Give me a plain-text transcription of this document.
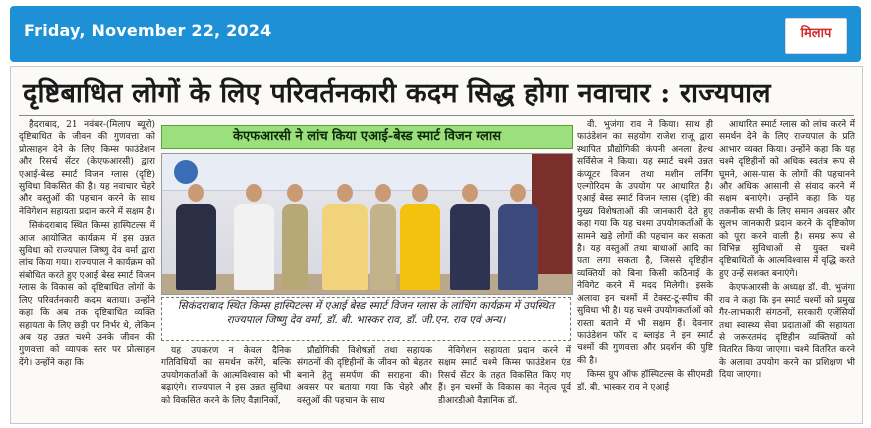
Friday, November 22, 2024	मिलाप
दृष्टिबाधित लोगों के लिए परिवर्तनकारी कदम सिद्ध होगा नवाचार : राज्यपाल

हैदराबाद, 21 नवंबर-(मिलाप ब्यूरो) दृष्टिबाधित के जीवन की गुणवत्ता को प्रोत्साहन देने के लिए किम्स फाउंडेशन और रिसर्च सेंटर (केएफआरसी) द्वारा एआई-बेस्ड स्मार्ट विजन ग्लास (दृष्टि) सुविधा विकसित की है। यह नवाचार चेहरे और वस्तुओं की पहचान करने के साथ नेविगेशन सहायता प्रदान करने में सक्षम है।

सिकंदराबाद स्थित किम्स हास्पिटल्स में आज आयोजित कार्यक्रम में इस उन्नत सुविधा को राज्यपाल जिष्णु देव वर्मा द्वारा लांच किया गया। राज्यपाल ने कार्यक्रम को संबोधित करते हुए एआई बेस्ड स्मार्ट विजन ग्लास के विकास को दृष्टिबाधित लोगों के लिए परिवर्तनकारी कदम बताया। उन्होंने कहा कि अब तक दृष्टिबाधित व्यक्ति सहायता के लिए छड़ी पर निर्भर थे, लेकिन अब यह उन्नत चश्मे उनके जीवन की गुणवत्ता को व्यापक स्तर पर प्रोत्साहन देंगे। उन्होंने कहा कि

केएफआरसी ने लांच किया एआई-बेस्ड स्मार्ट विजन ग्लास
सिकंदराबाद स्थित किम्स हास्पिटल्स में एआई बेस्ड स्मार्ट विजन ग्लास के लांचिंग कार्यक्रम में उपस्थित राज्यपाल जिष्णु देव वर्मा, डॉ. बी. भास्कर राव, डॉ. जी.एन. राव एवं अन्य।

यह उपकरण न केवल दैनिक गतिविधियों का समर्थन करेंगे, बल्कि उपयोगकर्ताओं के आत्मविश्वास को भी बढ़ाएंगे। राज्यपाल ने इस उन्नत सुविधा को विकसित करने के लिए वैज्ञानिकों,

प्रौद्योगिकी विशेषज्ञों तथा सहायक संगठनों की दृष्टिहीनों के जीवन को बेहतर बनाने हेतु समर्पण की सराहना की। अवसर पर बताया गया कि चेहरे और वस्तुओं की पहचान के साथ

नेविगेशन सहायता प्रदान करने में सक्षम स्मार्ट चश्मे किम्स फाउंडेशन एंड रिसर्च सेंटर के तहत विकसित किए गए हैं। इन चश्मों के विकास का नेतृत्व पूर्व डीआरडीओ वैज्ञानिक डॉ.

वी. भुजंगा राव ने किया। साथ ही फाउंडेशन का सहयोग राजेश राजू द्वारा स्थापित प्रौद्योगिकी कंपनी अनला हेल्थ सर्विसेज ने किया। यह स्मार्ट चश्मे उन्नत कंप्यूटर विजन तथा मशीन लर्निंग एल्गोरिदम के उपयोग पर आधारित है। एआई बेस्ड स्मार्ट विजन ग्लास (दृष्टि) की मुख्य विशेषताओं की जानकारी देते हुए कहा गया कि यह चश्मा उपयोगकर्ताओं के सामने खड़े लोगों की पहचान कर सकता है। यह वस्तुओं तथा बाधाओं आदि का पता लगा सकता है, जिससे दृष्टिहीन व्यक्तियों को बिना किसी कठिनाई के नेविगेट करने में मदद मिलेगी। इसके अलावा इन चश्मों में टेक्स्ट-टू-स्पीच की सुविधा भी है। यह चश्मे उपयोगकर्ताओं को रास्ता बताने में भी सक्षम हैं। देवनार फाउंडेशन फॉर द ब्लाइंड ने इन स्मार्ट चश्मों की गुणवत्ता और प्रदर्शन की पुष्टि की है।

किम्स ग्रुप ऑफ हॉस्पिटल्स के सीएमडी डॉ. बी. भास्कर राव ने एआई

आधारित स्मार्ट ग्लास को लांच करने में समर्थन देने के लिए राज्यपाल के प्रति आभार व्यक्त किया। उन्होंने कहा कि यह चश्मे दृष्टिहीनों को अधिक स्वतंत्र रूप से घूमने, आस-पास के लोगों की पहचानने और अधिक आसानी से संवाद करने में सक्षम बनाएंगे। उन्होंने कहा कि यह तकनीक सभी के लिए समान अवसर और सुलभ जानकारी प्रदान करने के दृष्टिकोण को पूरा करने वाली है। समग्र रूप से विभिन्न सुविधाओं से युक्त चश्मे दृष्टिबाधितों के आत्मविश्वास में वृद्धि करते हुए उन्हें सशक्त बनाएंगे।

केएफआरसी के अध्यक्ष डॉ. वी. भुजंगा राव ने कहा कि इन स्मार्ट चश्मों को प्रमुख गैर-लाभकारी संगठनों, सरकारी एजेंसियों तथा स्वास्थ्य सेवा प्रदाताओं की सहायता से जरूरतमंद दृष्टिहीन व्यक्तियों को वितरित किया जाएगा। चश्मे वितरित करने के अलावा उपयोग करने का प्रशिक्षण भी दिया जाएगा।
